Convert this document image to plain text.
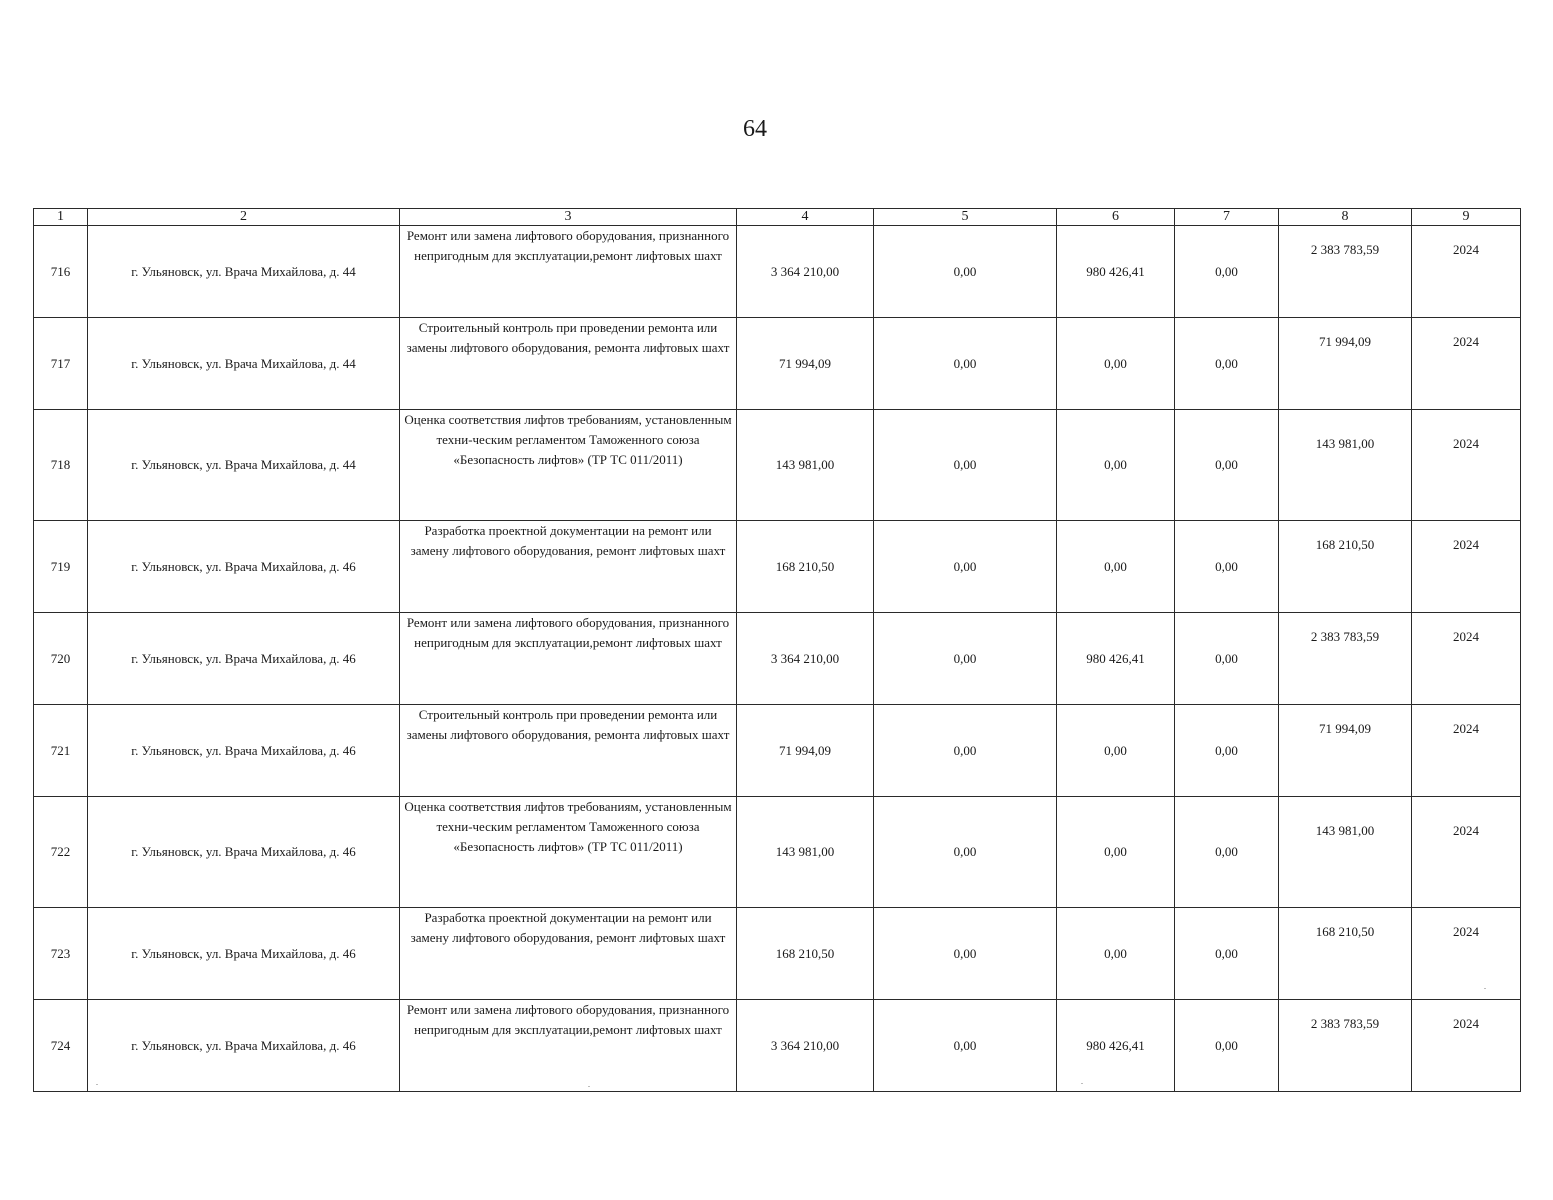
64
1	2	3	4	5	6	7	8	9
716	г. Ульяновск, ул. Врача Михайлова, д. 44	Ремонт или замена лифтового оборудования, признанного непригодным для эксплуатации,ремонт лифтовых шахт	3 364 210,00	0,00	980 426,41	0,00	2 383 783,59	2024
717	г. Ульяновск, ул. Врача Михайлова, д. 44	Строительный контроль при проведении ремонта или замены лифтового оборудования, ремонта лифтовых шахт	71 994,09	0,00	0,00	0,00	71 994,09	2024
718	г. Ульяновск, ул. Врача Михайлова, д. 44	Оценка соответствия лифтов требованиям, установленным техни-ческим регламентом Таможенного союза «Безопасность лифтов» (ТР ТС 011/2011)	143 981,00	0,00	0,00	0,00	143 981,00	2024
719	г. Ульяновск, ул. Врача Михайлова, д. 46	Разработка проектной документации на ремонт или замену лифтового оборудования, ремонт лифтовых шахт	168 210,50	0,00	0,00	0,00	168 210,50	2024
720	г. Ульяновск, ул. Врача Михайлова, д. 46	Ремонт или замена лифтового оборудования, признанного непригодным для эксплуатации,ремонт лифтовых шахт	3 364 210,00	0,00	980 426,41	0,00	2 383 783,59	2024
721	г. Ульяновск, ул. Врача Михайлова, д. 46	Строительный контроль при проведении ремонта или замены лифтового оборудования, ремонта лифтовых шахт	71 994,09	0,00	0,00	0,00	71 994,09	2024
722	г. Ульяновск, ул. Врача Михайлова, д. 46	Оценка соответствия лифтов требованиям, установленным техни-ческим регламентом Таможенного союза «Безопасность лифтов» (ТР ТС 011/2011)	143 981,00	0,00	0,00	0,00	143 981,00	2024
723	г. Ульяновск, ул. Врача Михайлова, д. 46	Разработка проектной документации на ремонт или замену лифтового оборудования, ремонт лифтовых шахт	168 210,50	0,00	0,00	0,00	168 210,50	2024
724	г. Ульяновск, ул. Врача Михайлова, д. 46	Ремонт или замена лифтового оборудования, признанного непригодным для эксплуатации,ремонт лифтовых шахт	3 364 210,00	0,00	980 426,41	0,00	2 383 783,59	2024
